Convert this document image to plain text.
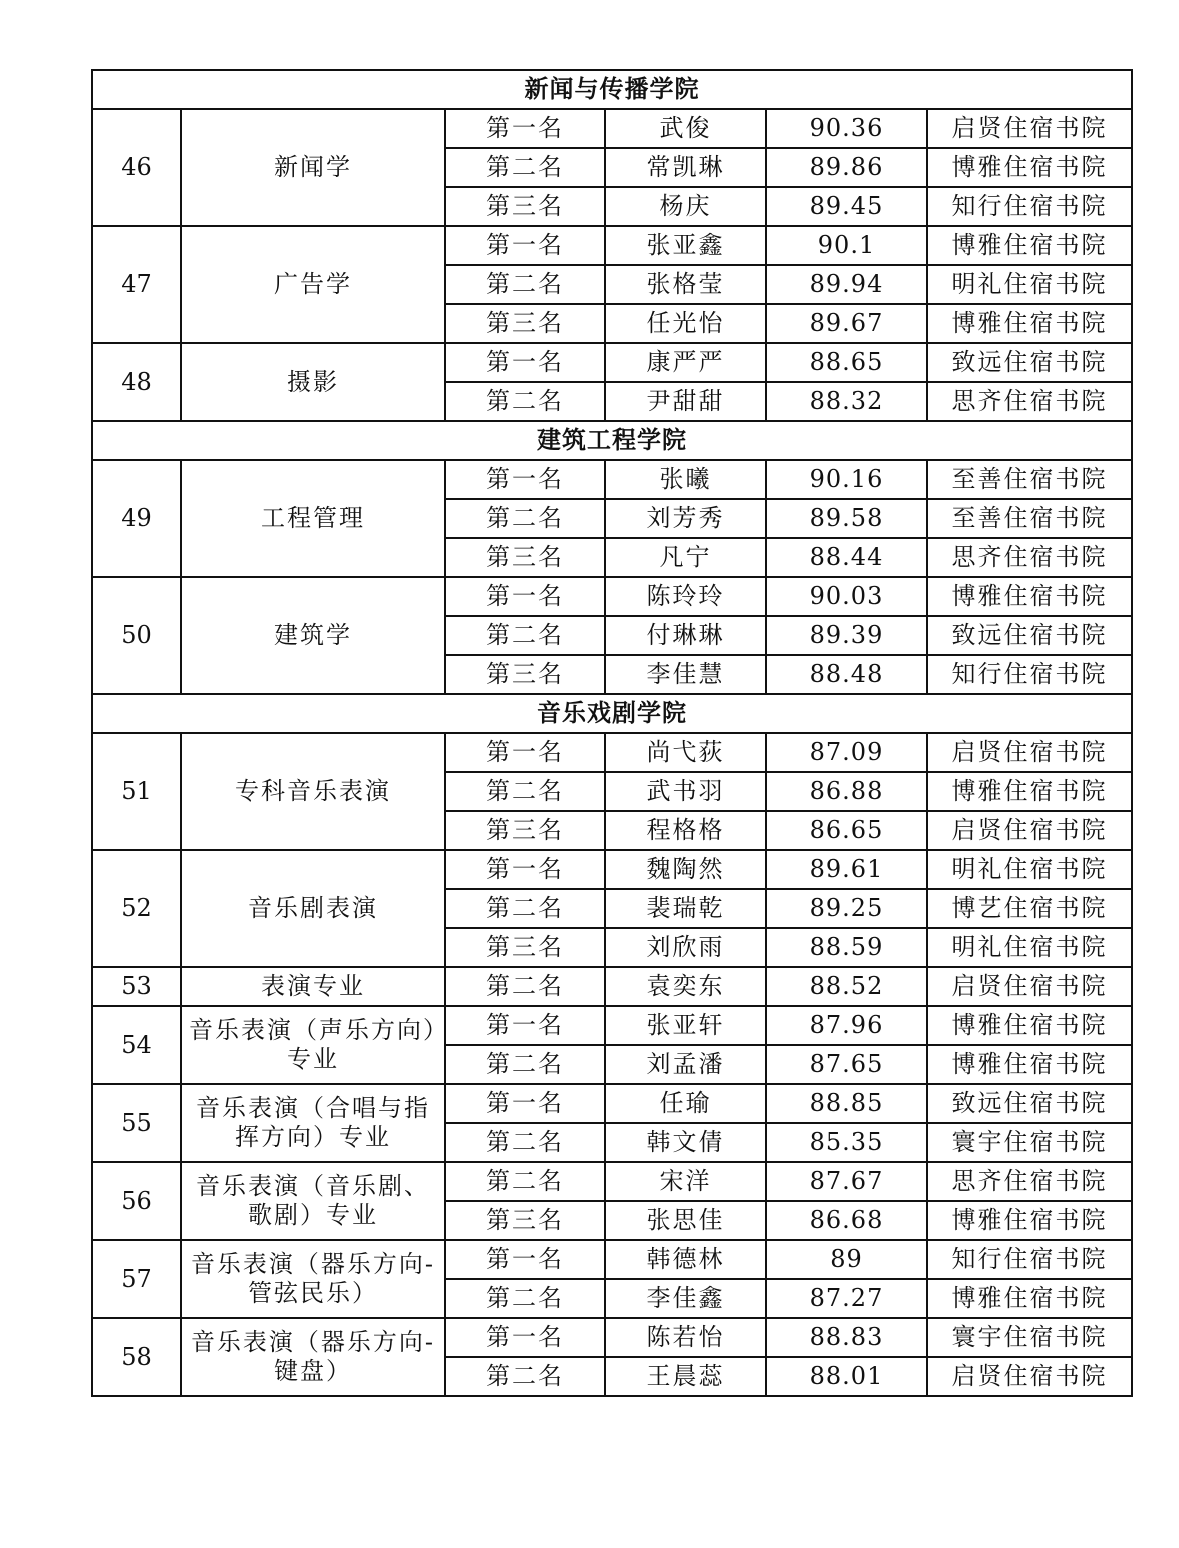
新闻与传播学院					
46	新闻学	第一名	武俊	90.36	启贤住宿书院
		第二名	常凯琳	89.86	博雅住宿书院
		第三名	杨庆	89.45	知行住宿书院
47	广告学	第一名	张亚鑫	90.1	博雅住宿书院
		第二名	张格莹	89.94	明礼住宿书院
		第三名	任光怡	89.67	博雅住宿书院
48	摄影	第一名	康严严	88.65	致远住宿书院
		第二名	尹甜甜	88.32	思齐住宿书院
建筑工程学院					
49	工程管理	第一名	张曦	90.16	至善住宿书院
		第二名	刘芳秀	89.58	至善住宿书院
		第三名	凡宁	88.44	思齐住宿书院
50	建筑学	第一名	陈玲玲	90.03	博雅住宿书院
		第二名	付琳琳	89.39	致远住宿书院
		第三名	李佳慧	88.48	知行住宿书院
音乐戏剧学院					
51	专科音乐表演	第一名	尚弋荻	87.09	启贤住宿书院
		第二名	武书羽	86.88	博雅住宿书院
		第三名	程格格	86.65	启贤住宿书院
52	音乐剧表演	第一名	魏陶然	89.61	明礼住宿书院
		第二名	裴瑞乾	89.25	博艺住宿书院
		第三名	刘欣雨	88.59	明礼住宿书院
53	表演专业	第二名	袁奕东	88.52	启贤住宿书院
54	音乐表演（声乐方向）专业	第一名	张亚轩	87.96	博雅住宿书院
		第二名	刘孟潘	87.65	博雅住宿书院
55	音乐表演（合唱与指挥方向）专业	第一名	任瑜	88.85	致远住宿书院
		第二名	韩文倩	85.35	寰宇住宿书院
56	音乐表演（音乐剧、歌剧）专业	第二名	宋洋	87.67	思齐住宿书院
		第三名	张思佳	86.68	博雅住宿书院
57	音乐表演（器乐方向-管弦民乐）	第一名	韩德林	89	知行住宿书院
		第二名	李佳鑫	87.27	博雅住宿书院
58	音乐表演（器乐方向-键盘）	第一名	陈若怡	88.83	寰宇住宿书院
		第二名	王晨蕊	88.01	启贤住宿书院
